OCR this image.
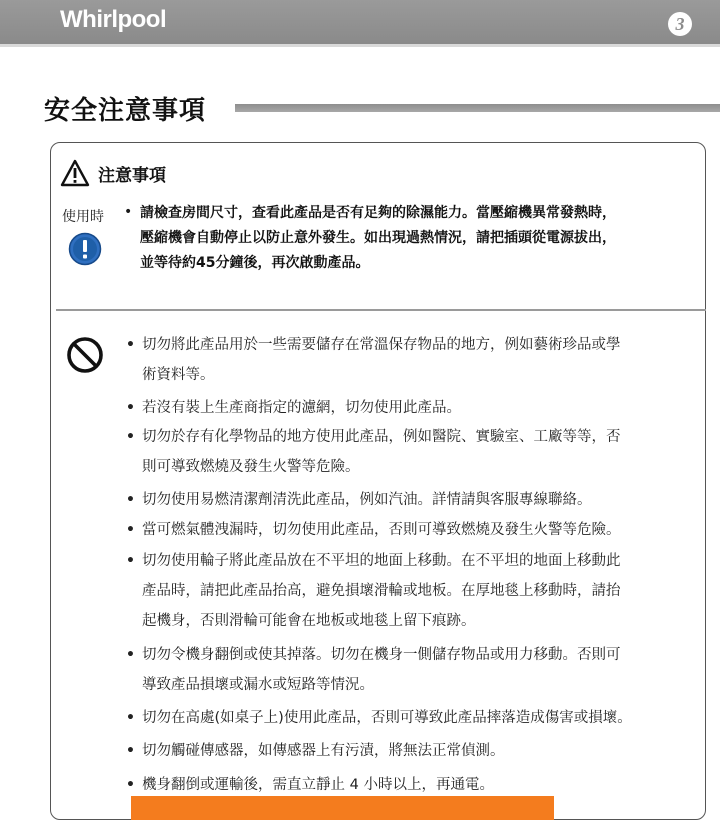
Whirlpool	3
安全注意事項
注意事項
使用時 • 請檢查房間尺寸，查看此產品是否有足夠的除濕能力。當壓縮機異常發熱時，
壓縮機會自動停止以防止意外發生。如出現過熱情況，請把插頭從電源拔出，
並等待約45分鐘後，再次啟動產品。
• 切勿將此產品用於一些需要儲存在常溫保存物品的地方，例如藝術珍品或學
術資料等。
• 若沒有裝上生產商指定的濾網，切勿使用此產品。
• 切勿於存有化學物品的地方使用此產品，例如醫院、實驗室、工廠等等，否
則可導致燃燒及發生火警等危險。
• 切勿使用易燃清潔劑清洗此產品，例如汽油。詳情請與客服專線聯絡。
• 當可燃氣體洩漏時，切勿使用此產品，否則可導致燃燒及發生火警等危險。
• 切勿使用輪子將此產品放在不平坦的地面上移動。在不平坦的地面上移動此
產品時，請把此產品抬高，避免損壞滑輪或地板。在厚地毯上移動時，請抬
起機身，否則滑輪可能會在地板或地毯上留下痕跡。
• 切勿令機身翻倒或使其掉落。切勿在機身一側儲存物品或用力移動。否則可
導致產品損壞或漏水或短路等情況。
• 切勿在高處(如桌子上)使用此產品，否則可導致此產品摔落造成傷害或損壞。
• 切勿觸碰傳感器，如傳感器上有污漬，將無法正常偵測。
• 機身翻倒或運輸後，需直立靜止 4 小時以上，再通電。
